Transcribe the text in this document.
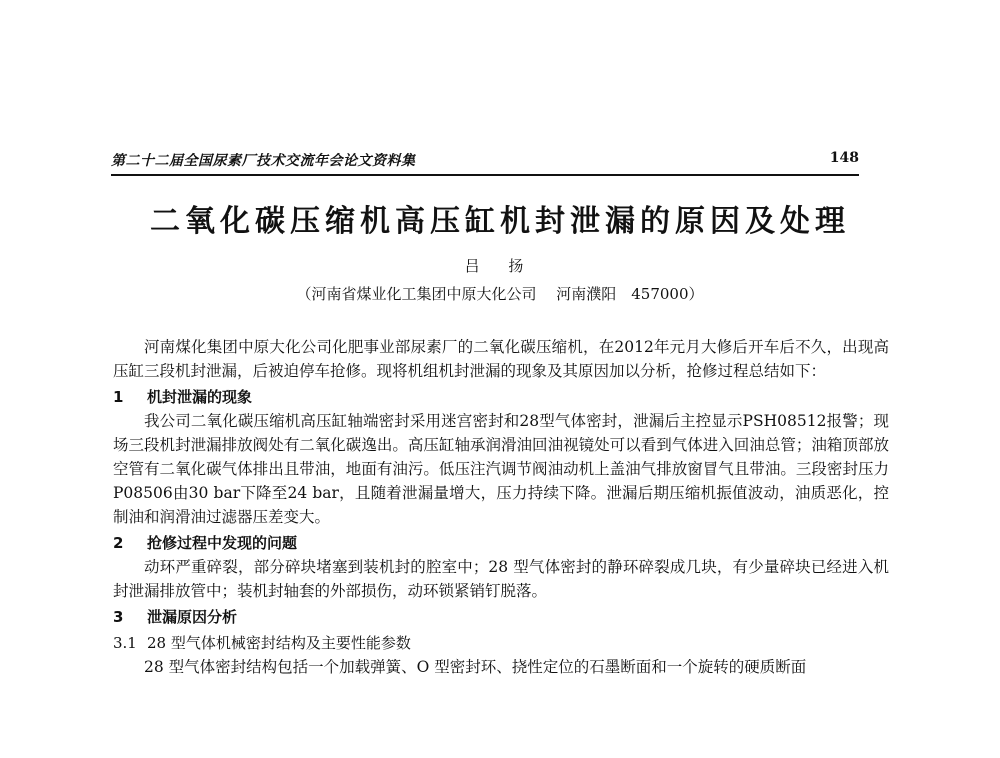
第二十二届全国尿素厂技术交流年会论文资料集	148
二氧化碳压缩机高压缸机封泄漏的原因及处理
吕 扬
（河南省煤业化工集团中原大化公司　 河南濮阳　457000）

河南煤化集团中原大化公司化肥事业部尿素厂的二氧化碳压缩机，在2012年元月大修后开车后不久，出现高压缸三段机封泄漏，后被迫停车抢修。现将机组机封泄漏的现象及其原因加以分析，抢修过程总结如下：

1 机封泄漏的现象

我公司二氧化碳压缩机高压缸轴端密封采用迷宫密封和28型气体密封，泄漏后主控显示PSH08512报警；现场三段机封泄漏排放阀处有二氧化碳逸出。高压缸轴承润滑油回油视镜处可以看到气体进入回油总管；油箱顶部放空管有二氧化碳气体排出且带油，地面有油污。低压注汽调节阀油动机上盖油气排放窗冒气且带油。三段密封压力P08506由30 bar下降至24 bar，且随着泄漏量增大，压力持续下降。泄漏后期压缩机振值波动，油质恶化，控制油和润滑油过滤器压差变大。

2 抢修过程中发现的问题

动环严重碎裂，部分碎块堵塞到装机封的腔室中；28 型气体密封的静环碎裂成几块，有少量碎块已经进入机封泄漏排放管中；装机封轴套的外部损伤，动环锁紧销钉脱落。

3 泄漏原因分析
3.1 28 型气体机械密封结构及主要性能参数

28 型气体密封结构包括一个加载弹簧、O 型密封环、挠性定位的石墨断面和一个旋转的硬质断面
